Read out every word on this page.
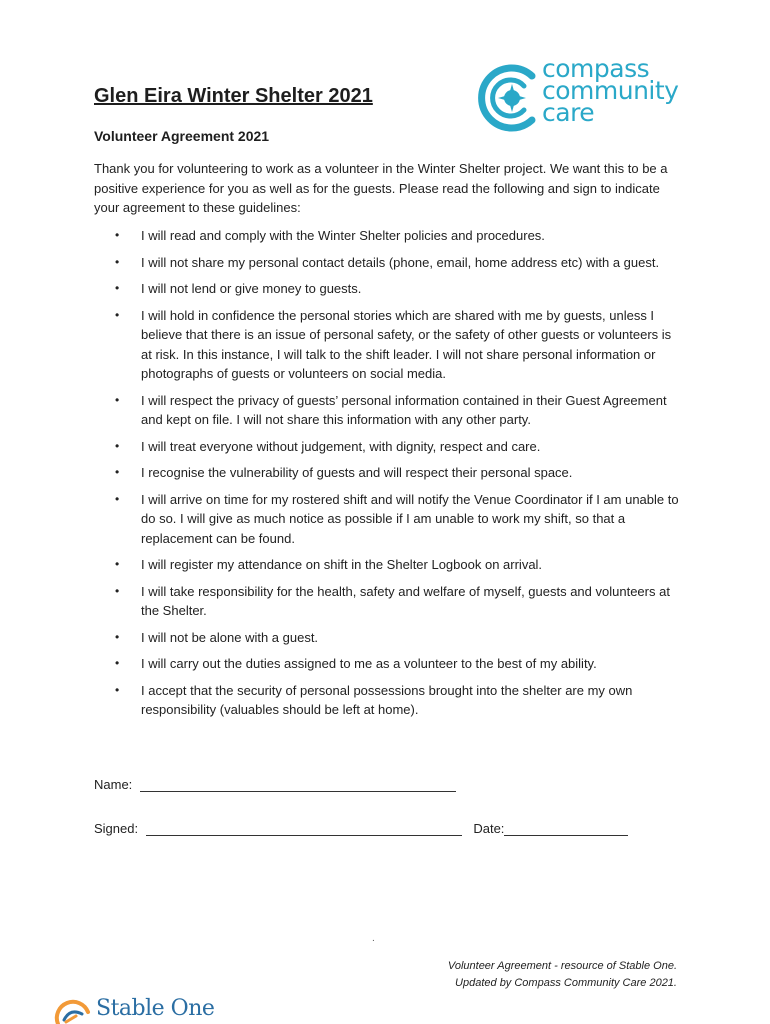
Glen Eira Winter Shelter 2021
compass
community
care
Volunteer Agreement 2021
Thank you for volunteering to work as a volunteer in the Winter Shelter project. We want this to be a positive experience for you as well as for the guests. Please read the following and sign to indicate your agreement to these guidelines:
• I will read and comply with the Winter Shelter policies and procedures.
• I will not share my personal contact details (phone, email, home address etc) with a guest.
• I will not lend or give money to guests.
• I will hold in confidence the personal stories which are shared with me by guests, unless I believe that there is an issue of personal safety, or the safety of other guests or volunteers is at risk. In this instance, I will talk to the shift leader. I will not share personal information or photographs of guests or volunteers on social media.
• I will respect the privacy of guests’ personal information contained in their Guest Agreement and kept on file. I will not share this information with any other party.
• I will treat everyone without judgement, with dignity, respect and care.
• I recognise the vulnerability of guests and will respect their personal space.
• I will arrive on time for my rostered shift and will notify the Venue Coordinator if I am unable to do so. I will give as much notice as possible if I am unable to work my shift, so that a replacement can be found.
• I will register my attendance on shift in the Shelter Logbook on arrival.
• I will take responsibility for the health, safety and welfare of myself, guests and volunteers at the Shelter.
• I will not be alone with a guest.
• I will carry out the duties assigned to me as a volunteer to the best of my ability.
• I accept that the security of personal possessions brought into the shelter are my own responsibility (valuables should be left at home).
Name:
Signed:	Date:
.
Volunteer Agreement - resource of Stable One.
Updated by Compass Community Care 2021.
Stable One
